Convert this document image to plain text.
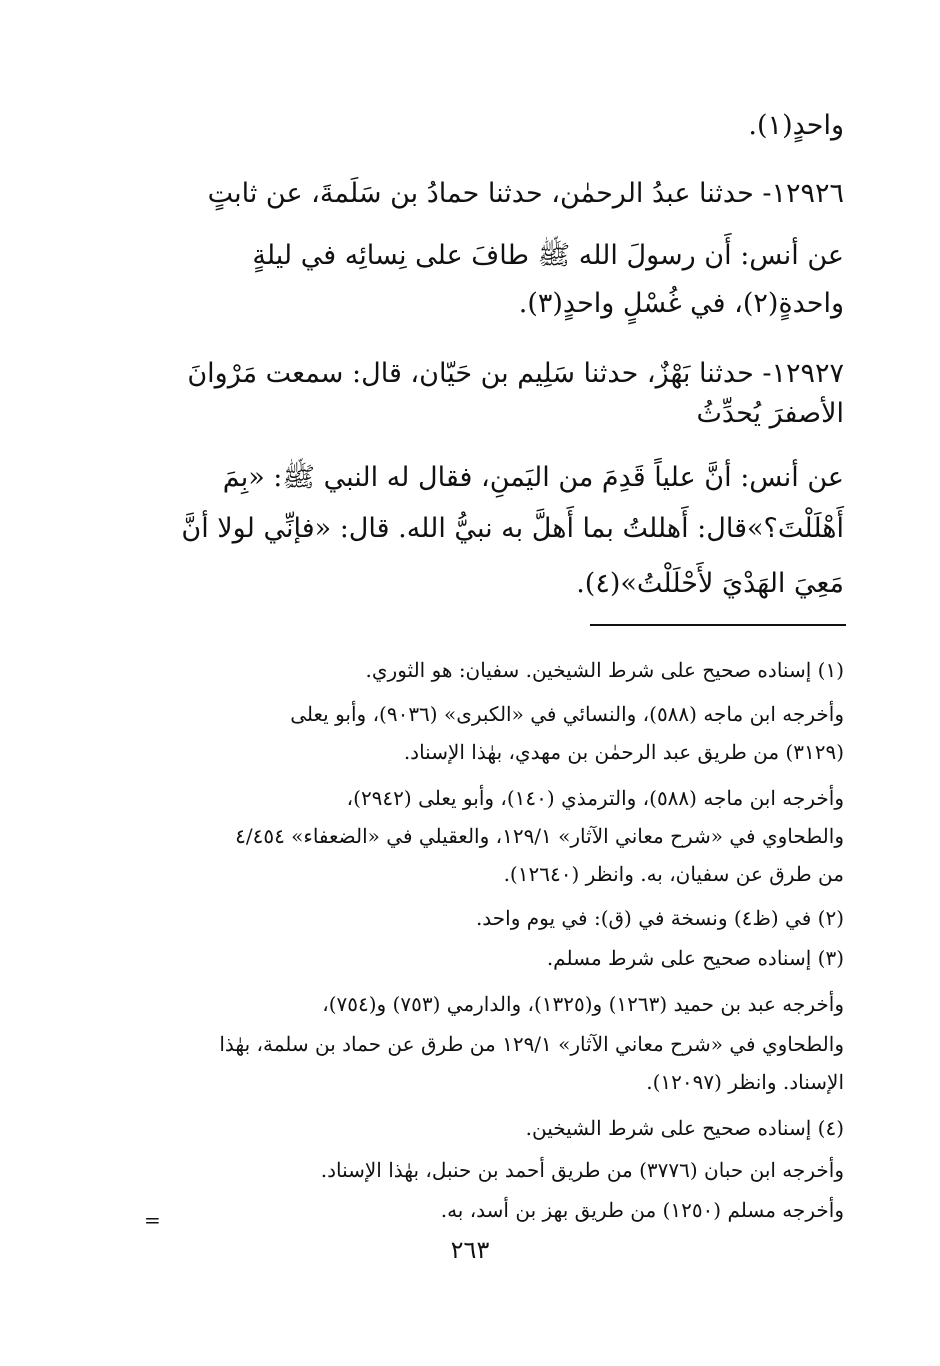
واحدٍ(١).
١٢٩٢٦- حدثنا عبدُ الرحمٰن، حدثنا حمادُ بن سَلَمةَ، عن ثابتٍ
عن أنس: أَن رسولَ الله ﷺ طافَ على نِسائِه في ليلةٍ
واحدةٍ(٢)، في غُسْلٍ واحدٍ(٣).
١٢٩٢٧- حدثنا بَهْزٌ، حدثنا سَلِيم بن حَيّان، قال: سمعت مَرْوانَ
الأصفرَ يُحدِّثُ
عن أنس: أنَّ علياً قَدِمَ من اليَمنِ، فقال له النبي ﷺ: «بِمَ
أَهْلَلْتَ؟»قال: أَهللتُ بما أَهلَّ به نبيُّ الله. قال: «فإنِّي لولا أنَّ
مَعِيَ الهَدْيَ لأَحْلَلْتُ»(٤).
(١) إسناده صحيح على شرط الشيخين. سفيان: هو الثوري.
وأخرجه ابن ماجه (٥٨٨)، والنسائي في «الكبرى» (٩٠٣٦)، وأبو يعلى
(٣١٢٩) من طريق عبد الرحمٰن بن مهدي، بهٰذا الإسناد.
وأخرجه ابن ماجه (٥٨٨)، والترمذي (١٤٠)، وأبو يعلى (٢٩٤٢)،
والطحاوي في «شرح معاني الآثار» ١٢٩/١، والعقيلي في «الضعفاء» ٤/٤٥٤
من طرق عن سفيان، به. وانظر (١٢٦٤٠).
(٢) في (ظ٤) ونسخة في (ق): في يوم واحد.
(٣) إسناده صحيح على شرط مسلم.
وأخرجه عبد بن حميد (١٢٦٣) و(١٣٢٥)، والدارمي (٧٥٣) و(٧٥٤)،
والطحاوي في «شرح معاني الآثار» ١٢٩/١ من طرق عن حماد بن سلمة، بهٰذا
الإسناد. وانظر (١٢٠٩٧).
(٤) إسناده صحيح على شرط الشيخين.
وأخرجه ابن حبان (٣٧٧٦) من طريق أحمد بن حنبل، بهٰذا الإسناد.
وأخرجه مسلم (١٢٥٠) من طريق بهز بن أسد، به.
=
٢٦٣
